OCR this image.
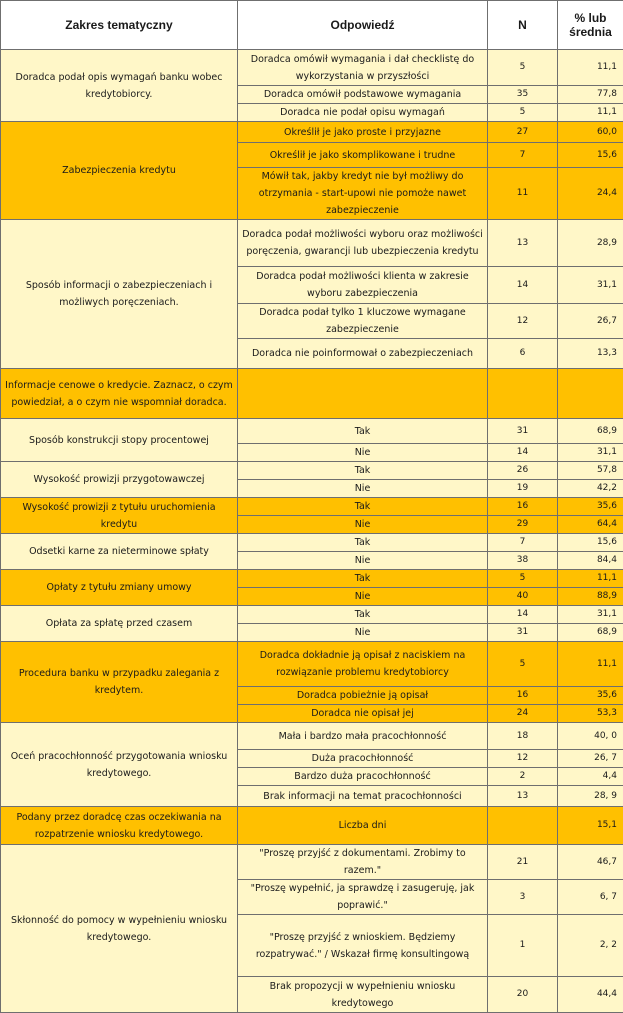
Zakres tematyczny	Odpowiedź	N	% lub średnia
Doradca podał opis wymagań banku wobec kredytobiorcy.	Doradca omówił wymagania i dał checklistę do wykorzystania w przyszłości	5	11,1
	Doradca omówił podstawowe wymagania	35	77,8
	Doradca nie podał opisu wymagań	5	11,1
Zabezpieczenia kredytu	Określił je jako proste i przyjazne	27	60,0
	Określił je jako skomplikowane i trudne	7	15,6
	Mówił tak, jakby kredyt nie był możliwy do otrzymania - start-upowi nie pomoże nawet zabezpieczenie	11	24,4
Sposób informacji o zabezpieczeniach i możliwych poręczeniach.	Doradca podał możliwości wyboru oraz możliwości poręczenia, gwarancji lub ubezpieczenia kredytu	13	28,9
	Doradca podał możliwości klienta w zakresie wyboru zabezpieczenia	14	31,1
	Doradca podał tylko 1 kluczowe wymagane zabezpieczenie	12	26,7
	Doradca nie poinformował o zabezpieczeniach	6	13,3
Informacje cenowe o kredycie. Zaznacz, o czym powiedział, a o czym nie wspomniał doradca.			
Sposób konstrukcji stopy procentowej	Tak	31	68,9
	Nie	14	31,1
Wysokość prowizji przygotowawczej	Tak	26	57,8
	Nie	19	42,2
Wysokość prowizji z tytułu uruchomienia kredytu	Tak	16	35,6
	Nie	29	64,4
Odsetki karne za nieterminowe spłaty	Tak	7	15,6
	Nie	38	84,4
Opłaty z tytułu zmiany umowy	Tak	5	11,1
	Nie	40	88,9
Opłata za spłatę przed czasem	Tak	14	31,1
	Nie	31	68,9
Procedura banku w przypadku zalegania z kredytem.	Doradca dokładnie ją opisał z naciskiem na rozwiązanie problemu kredytobiorcy	5	11,1
	Doradca pobieżnie ją opisał	16	35,6
	Doradca nie opisał jej	24	53,3
Oceń pracochłonność przygotowania wniosku kredytowego.	Mała i bardzo mała pracochłonność	18	40, 0
	Duża pracochłonność	12	26, 7
	Bardzo duża pracochłonność	2	4,4
	Brak informacji na temat pracochłonności	13	28, 9
Podany przez doradcę czas oczekiwania na rozpatrzenie wniosku kredytowego.	Liczba dni		15,1
Skłonność do pomocy w wypełnieniu wniosku kredytowego.	"Proszę przyjść z dokumentami. Zrobimy to razem."	21	46,7
	"Proszę wypełnić, ja sprawdzę i zasugeruję, jak poprawić."	3	6, 7
	"Proszę przyjść z wnioskiem. Będziemy rozpatrywać." / Wskazał firmę konsultingową	1	2, 2
	Brak propozycji w wypełnieniu wniosku kredytowego	20	44,4
